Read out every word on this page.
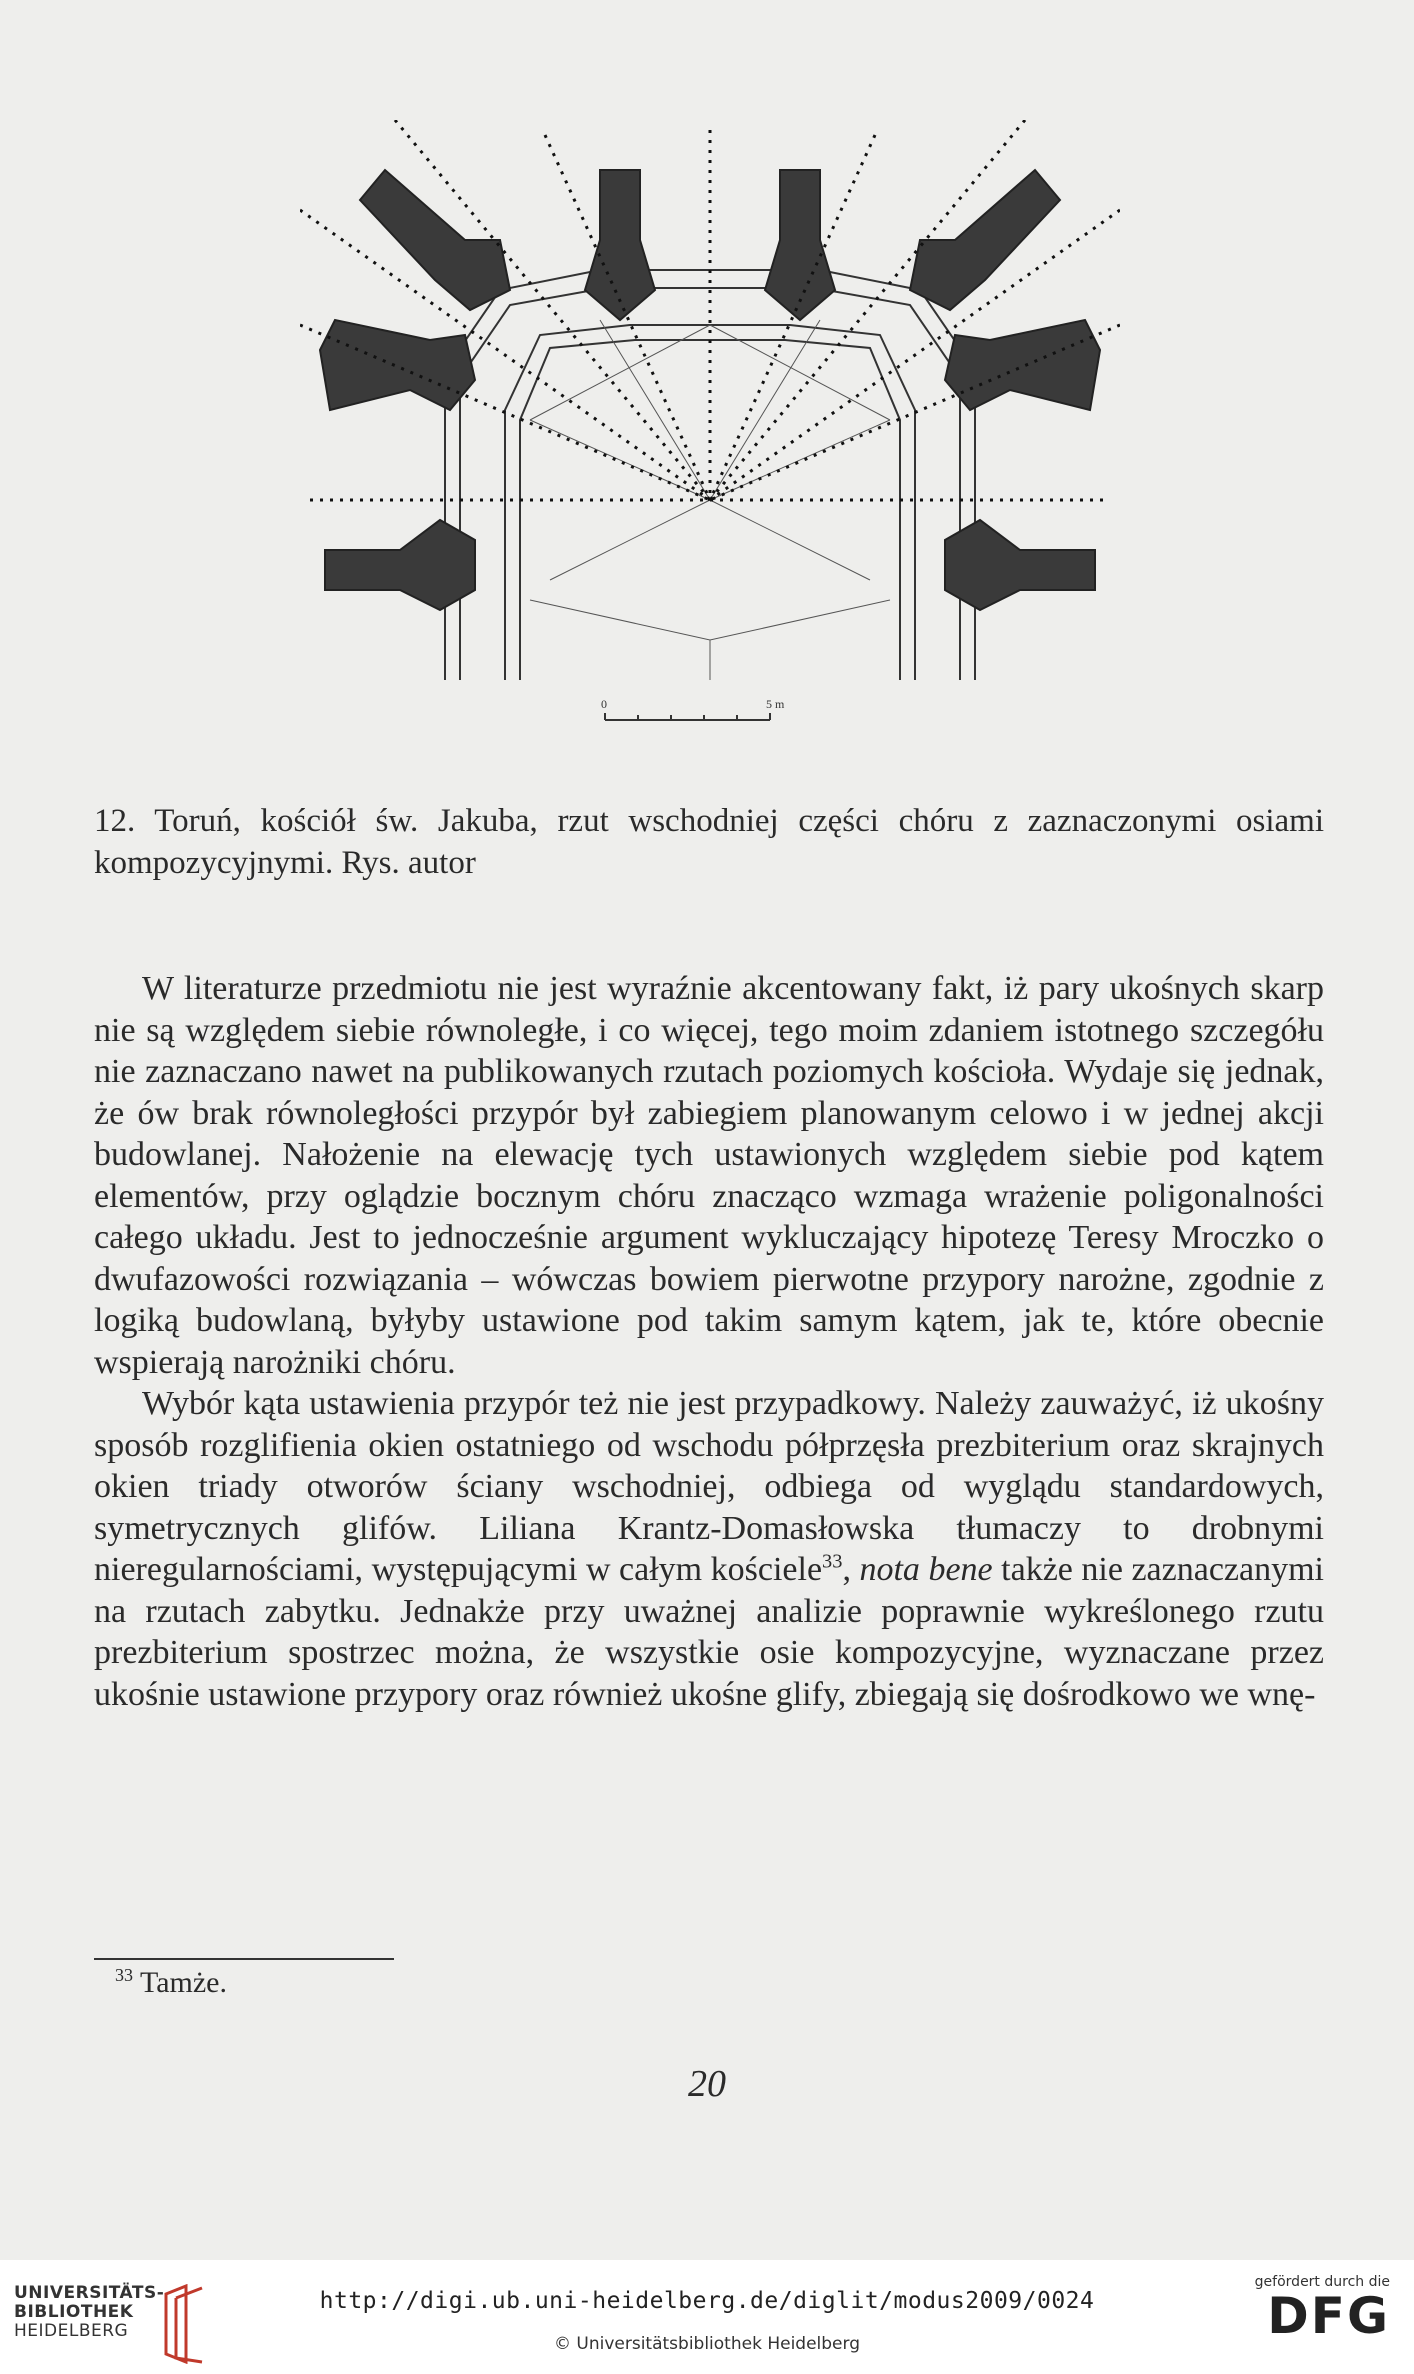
0	5 m
12. Toruń, kościół św. Jakuba, rzut wschodniej części chóru z zaznaczonymi osiami kompozycyjnymi. Rys. autor

W literaturze przedmiotu nie jest wyraźnie akcentowany fakt, iż pary ukośnych skarp nie są względem siebie równoległe, i co więcej, tego moim zdaniem istotnego szczegółu nie zaznaczano nawet na publikowanych rzutach poziomych kościoła. Wydaje się jednak, że ów brak równoległości przypór był zabiegiem planowanym celowo i w jednej akcji budowlanej. Nałożenie na elewację tych ustawionych względem siebie pod kątem elementów, przy oglądzie bocznym chóru znacząco wzmaga wrażenie poligonalności całego układu. Jest to jednocześnie argument wykluczający hipotezę Teresy Mroczko o dwufazowości rozwiązania – wówczas bowiem pierwotne przypory narożne, zgodnie z logiką budowlaną, byłyby ustawione pod takim samym kątem, jak te, które obecnie wspierają narożniki chóru.

Wybór kąta ustawienia przypór też nie jest przypadkowy. Należy zauważyć, iż ukośny sposób rozglifienia okien ostatniego od wschodu półprzęsła prezbiterium oraz skrajnych okien triady otworów ściany wschodniej, odbiega od wyglądu standardowych, symetrycznych glifów. Liliana Krantz-Domasłowska tłumaczy to drobnymi nieregularnościami, występującymi w całym kościele$^{33}$, nota bene także nie zaznaczanymi na rzutach zabytku. Jednakże przy uważnej analizie poprawnie wykreślonego rzutu prezbiterium spostrzec można, że wszystkie osie kompozycyjne, wyznaczane przez ukośnie ustawione przypory oraz również ukośne glify, zbiegają się dośrodkowo we wnę-

$^{33}$ Tamże.
20
UNIVERSITÄTS-
BIBLIOTHEK
HEIDELBERG
http://digi.ub.uni-heidelberg.de/diglit/modus2009/0024
© Universitätsbibliothek Heidelberg
gefördert durch die
DFG
